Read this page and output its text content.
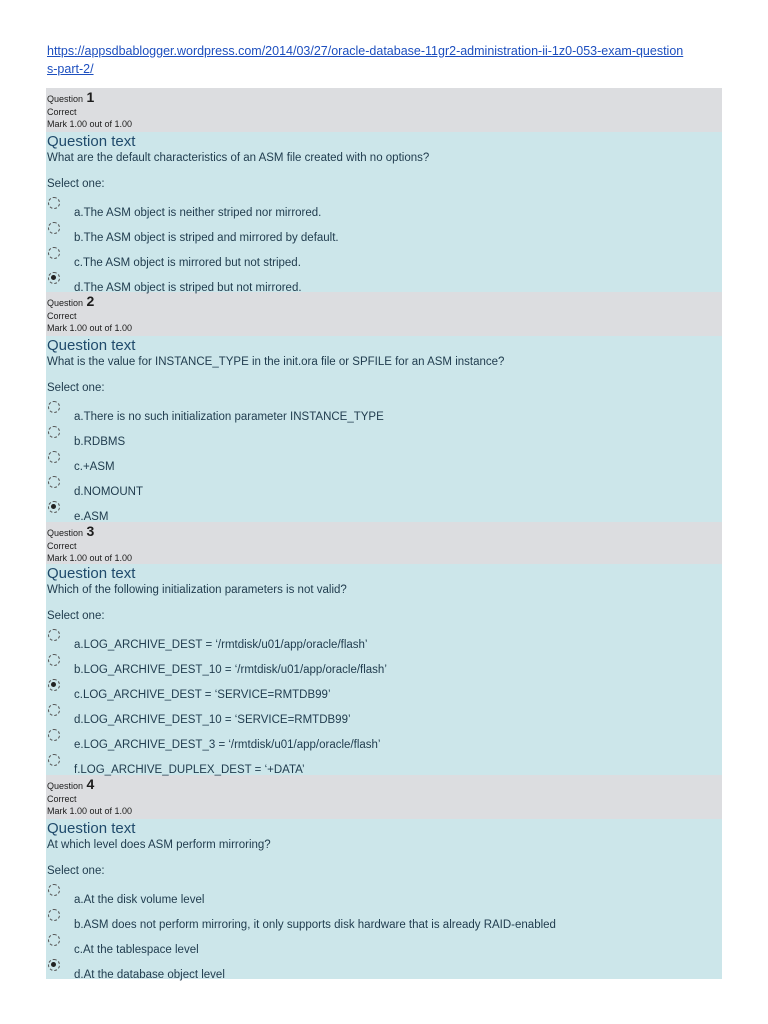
https://appsdbablogger.wordpress.com/2014/03/27/oracle-database-11gr2-administration-ii-1z0-053-exam-questions-part-2/
Question 1
Correct
Mark 1.00 out of 1.00
Question text
What are the default characteristics of an ASM file created with no options?
Select one:
a.The ASM object is neither striped nor mirrored.
b.The ASM object is striped and mirrored by default.
c.The ASM object is mirrored but not striped.
d.The ASM object is striped but not mirrored.
Question 2
Correct
Mark 1.00 out of 1.00
Question text
What is the value for INSTANCE_TYPE in the init.ora file or SPFILE for an ASM instance?
Select one:
a.There is no such initialization parameter INSTANCE_TYPE
b.RDBMS
c.+ASM
d.NOMOUNT
e.ASM
Question 3
Correct
Mark 1.00 out of 1.00
Question text
Which of the following initialization parameters is not valid?
Select one:
a.LOG_ARCHIVE_DEST = ‘/rmtdisk/u01/app/oracle/flash’
b.LOG_ARCHIVE_DEST_10 = ‘/rmtdisk/u01/app/oracle/flash’
c.LOG_ARCHIVE_DEST = ‘SERVICE=RMTDB99’
d.LOG_ARCHIVE_DEST_10 = ‘SERVICE=RMTDB99’
e.LOG_ARCHIVE_DEST_3 = ‘/rmtdisk/u01/app/oracle/flash’
f.LOG_ARCHIVE_DUPLEX_DEST = ‘+DATA’
Question 4
Correct
Mark 1.00 out of 1.00
Question text
At which level does ASM perform mirroring?
Select one:
a.At the disk volume level
b.ASM does not perform mirroring, it only supports disk hardware that is already RAID-enabled
c.At the tablespace level
d.At the database object level
